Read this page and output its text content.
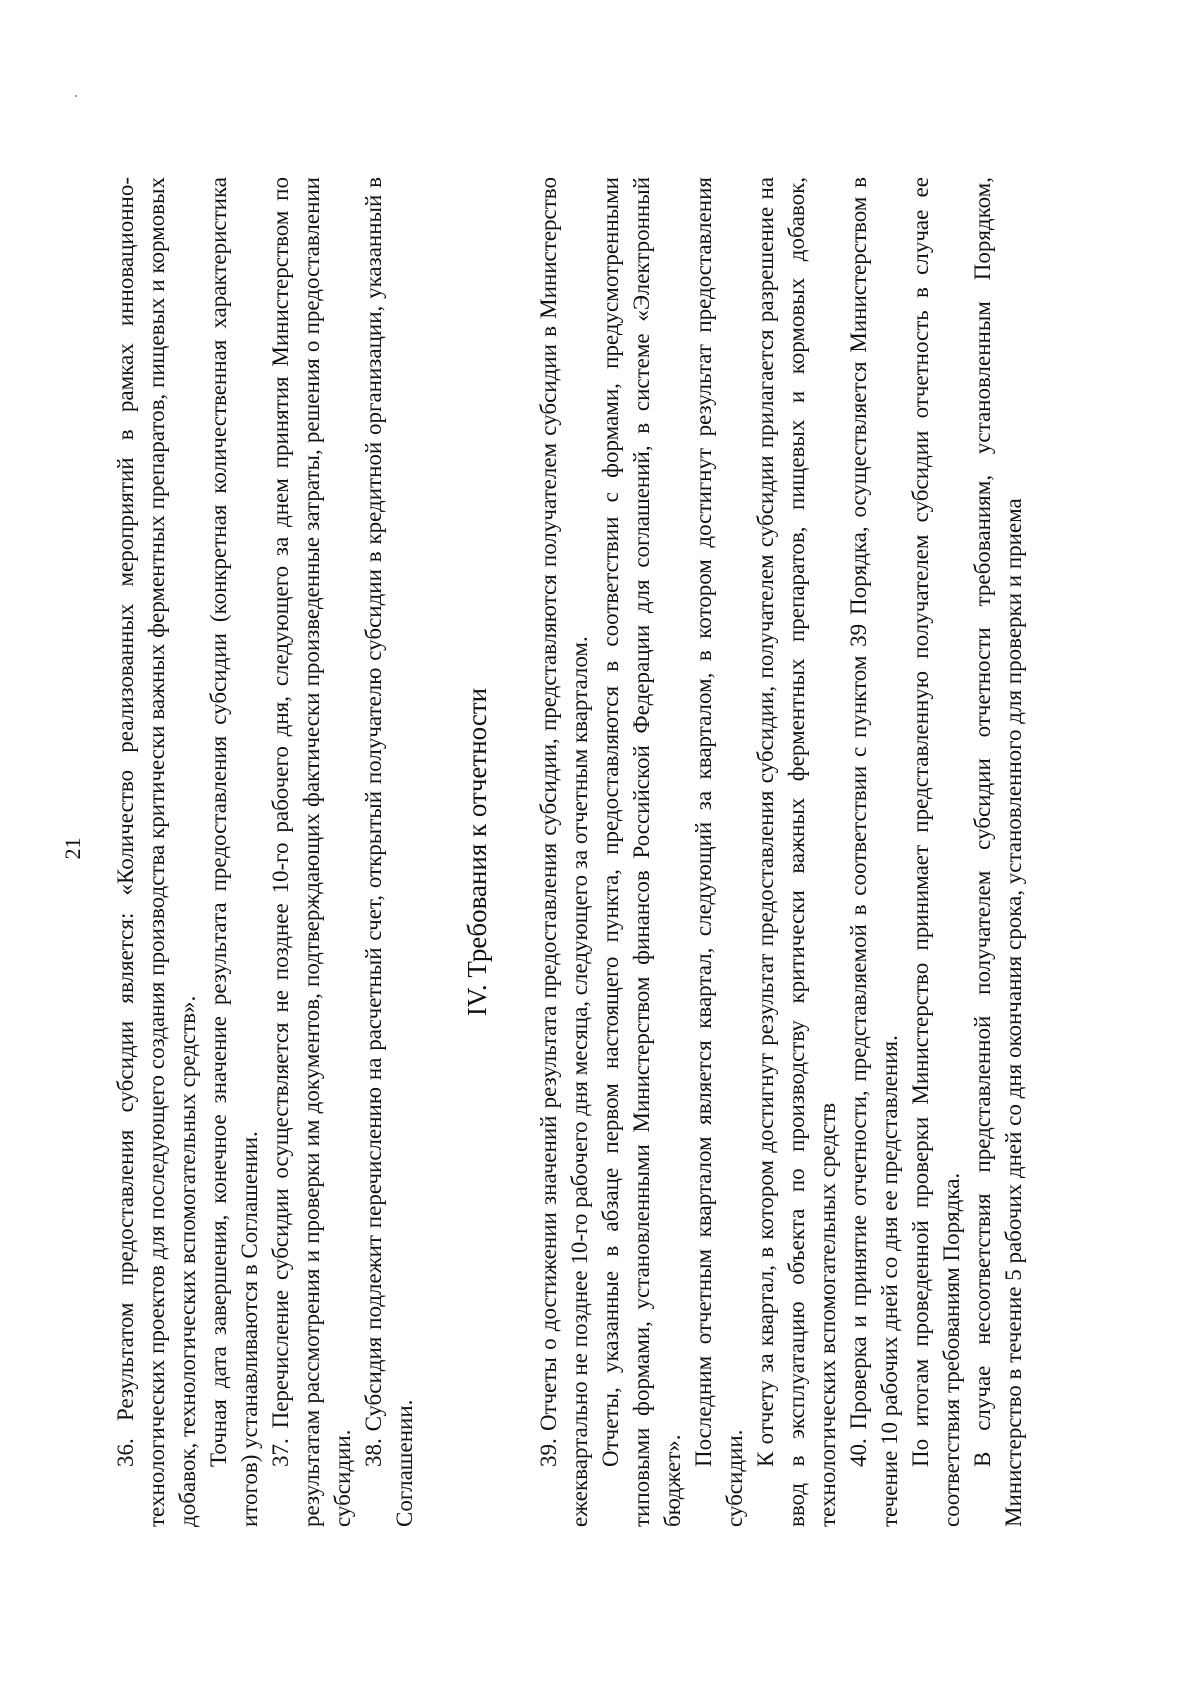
21 36. Результатом предоставления субсидии является: «Количество реализованных мероприятий в рамках инновационно-технологических проектов для последующего создания производства критически важных ферментных препаратов, пищевых и кормовых добавок, технологических вспомогательных средств». Точная дата завершения, конечное значение результата предоставления субсидии (конкретная количественная характеристика итогов) устанавливаются в Соглашении. 37. Перечисление субсидии осуществляется не позднее 10-го рабочего дня, следующего за днем принятия Министерством по результатам рассмотрения и проверки им документов, подтверждающих фактически произведенные затраты, решения о предоставлении субсидии.

38. Субсидия подлежит перечислению на расчетный счет, открытый получателю субсидии в кредитной организации, указанный в Соглашении.

IV. Требования к отчетности	39. Отчеты о достижении значений результата предоставления субсидии, представляются получателем субсидии в Министерство ежеквартально не позднее 10-го рабочего дня месяца, следующего за отчетным кварталом. Отчеты, указанные в абзаце первом настоящего пункта, предоставляются в соответствии с формами, предусмотренными типовыми формами, установленными Министерством финансов Российской Федерации для соглашений, в системе «Электронный бюджет».

Последним отчетным кварталом является квартал, следующий за кварталом, в котором достигнут результат предоставления субсидии.

К отчету за квартал, в котором достигнут результат предоставления субсидии, получателем субсидии прилагается разрешение на ввод в эксплуатацию объекта по производству критически важных ферментных препаратов, пищевых и кормовых добавок, технологических вспомогательных средств 40. Проверка и принятие отчетности, представляемой в соответствии с пунктом 39 Порядка, осуществляется Министерством в течение 10 рабочих дней со дня ее представления. По итогам проведенной проверки Министерство принимает представленную получателем субсидии отчетность в случае ее соответствия требованиям Порядка. В случае несоответствия представленной получателем субсидии отчетности требованиям, установленным Порядком, Министерство в течение 5 рабочих дней со дня окончания срока, установленного для проверки и приема
